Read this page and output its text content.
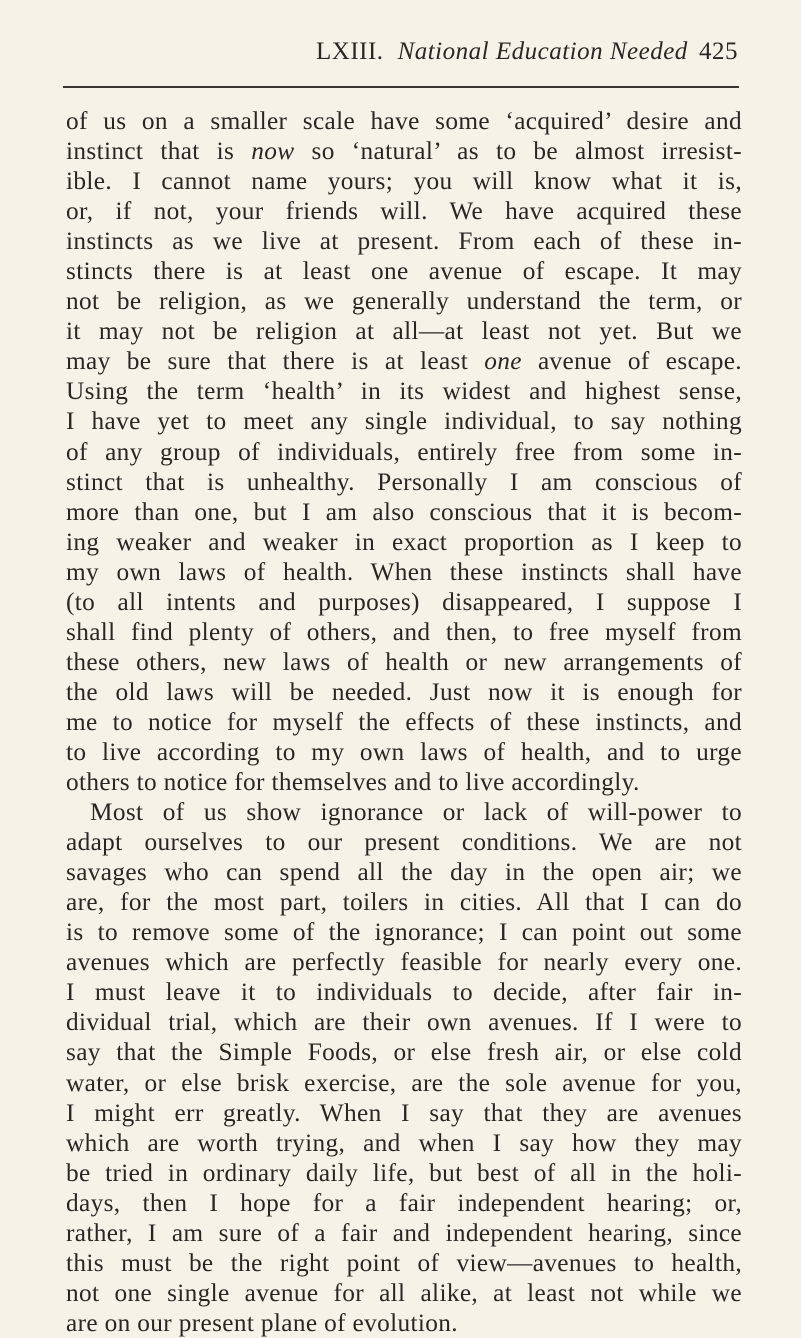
LXIII. National Education Needed 425
of us on a smaller scale have some ‘acquired’ desire and
instinct that is now so ‘natural’ as to be almost irresist-
ible. I cannot name yours; you will know what it is,
or, if not, your friends will. We have acquired these
instincts as we live at present. From each of these in-
stincts there is at least one avenue of escape. It may
not be religion, as we generally understand the term, or
it may not be religion at all—at least not yet. But we
may be sure that there is at least one avenue of escape.
Using the term ‘health’ in its widest and highest sense,
I have yet to meet any single individual, to say nothing
of any group of individuals, entirely free from some in-
stinct that is unhealthy. Personally I am conscious of
more than one, but I am also conscious that it is becom-
ing weaker and weaker in exact proportion as I keep to
my own laws of health. When these instincts shall have
(to all intents and purposes) disappeared, I suppose I
shall find plenty of others, and then, to free myself from
these others, new laws of health or new arrangements of
the old laws will be needed. Just now it is enough for
me to notice for myself the effects of these instincts, and
to live according to my own laws of health, and to urge
others to notice for themselves and to live accordingly.
Most of us show ignorance or lack of will-power to
adapt ourselves to our present conditions. We are not
savages who can spend all the day in the open air; we
are, for the most part, toilers in cities. All that I can do
is to remove some of the ignorance; I can point out some
avenues which are perfectly feasible for nearly every one.
I must leave it to individuals to decide, after fair in-
dividual trial, which are their own avenues. If I were to
say that the Simple Foods, or else fresh air, or else cold
water, or else brisk exercise, are the sole avenue for you,
I might err greatly. When I say that they are avenues
which are worth trying, and when I say how they may
be tried in ordinary daily life, but best of all in the holi-
days, then I hope for a fair independent hearing; or,
rather, I am sure of a fair and independent hearing, since
this must be the right point of view—avenues to health,
not one single avenue for all alike, at least not while we
are on our present plane of evolution.
